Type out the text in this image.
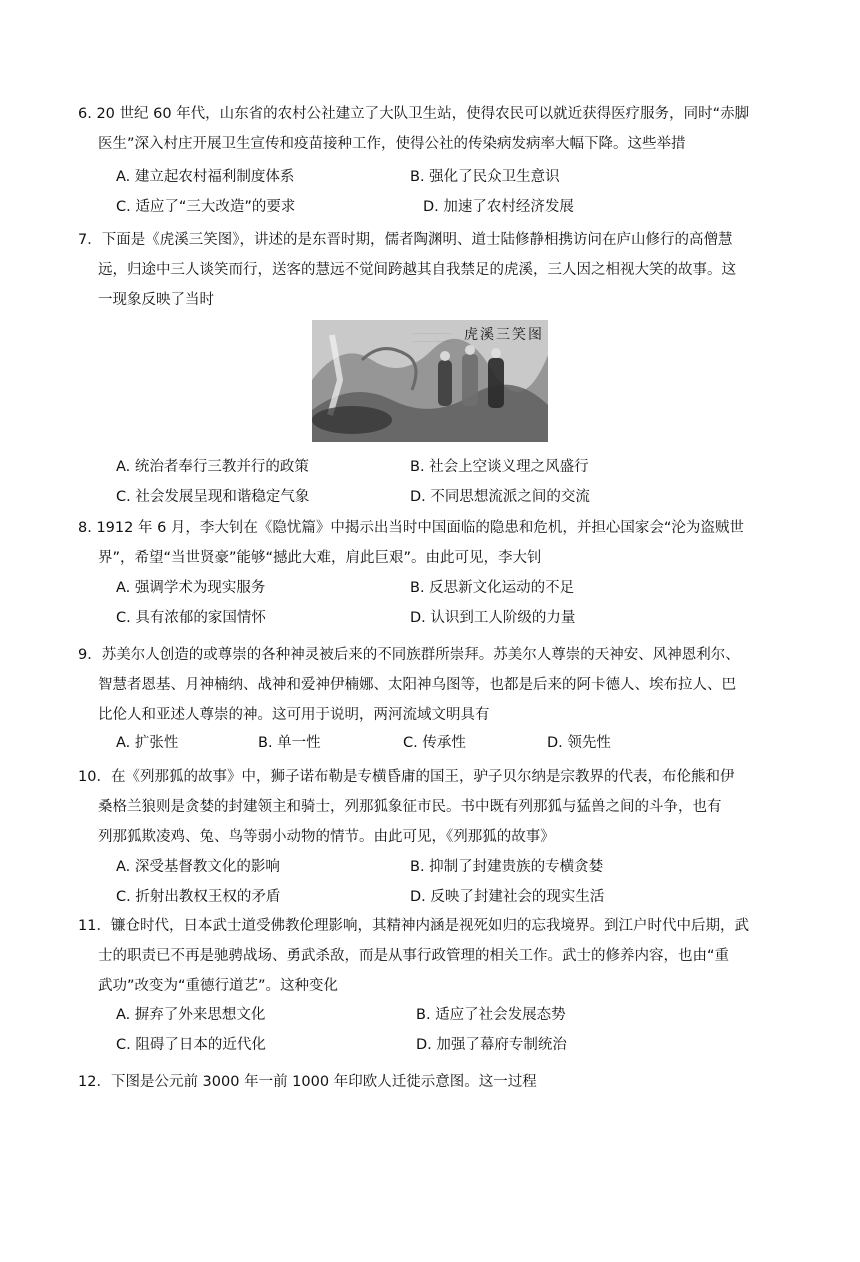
6. 20 世纪 60 年代，山东省的农村公社建立了大队卫生站，使得农民可以就近获得医疗服务，同时“赤脚
医生”深入村庄开展卫生宣传和疫苗接种工作，使得公社的传染病发病率大幅下降。这些举措
A. 建立起农村福利制度体系	B. 强化了民众卫生意识
C. 适应了“三大改造”的要求	D. 加速了农村经济发展
7．下面是《虎溪三笑图》，讲述的是东晋时期，儒者陶渊明、道士陆修静相携访问在庐山修行的高僧慧
远，归途中三人谈笑而行，送客的慧远不觉间跨越其自我禁足的虎溪，三人因之相视大笑的故事。这
一现象反映了当时
……………………
…………………… 虎溪三笑图
A. 统治者奉行三教并行的政策	B. 社会上空谈义理之风盛行
C. 社会发展呈现和谐稳定气象	D. 不同思想流派之间的交流
8. 1912 年 6 月，李大钊在《隐忧篇》中揭示出当时中国面临的隐患和危机，并担心国家会“沦为盗贼世
界”，希望“当世贤豪”能够“撼此大难，肩此巨艰”。由此可见，李大钊
A. 强调学术为现实服务	B. 反思新文化运动的不足
C. 具有浓郁的家国情怀	D. 认识到工人阶级的力量
9．苏美尔人创造的或尊崇的各种神灵被后来的不同族群所崇拜。苏美尔人尊崇的天神安、风神恩利尔、
智慧者恩基、月神楠纳、战神和爱神伊楠娜、太阳神乌图等，也都是后来的阿卡德人、埃布拉人、巴
比伦人和亚述人尊崇的神。这可用于说明，两河流域文明具有
A. 扩张性	B. 单一性	C. 传承性	D. 领先性
10．在《列那狐的故事》中，狮子诺布勒是专横昏庸的国王，驴子贝尔纳是宗教界的代表，布伦熊和伊
桑格兰狼则是贪婪的封建领主和骑士，列那狐象征市民。书中既有列那狐与猛兽之间的斗争，也有
列那狐欺凌鸡、兔、鸟等弱小动物的情节。由此可见，《列那狐的故事》
A. 深受基督教文化的影响	B. 抑制了封建贵族的专横贪婪
C. 折射出教权王权的矛盾	D. 反映了封建社会的现实生活
11．镰仓时代，日本武士道受佛教伦理影响，其精神内涵是视死如归的忘我境界。到江户时代中后期，武
士的职责已不再是驰骋战场、勇武杀敌，而是从事行政管理的相关工作。武士的修养内容，也由“重
武功”改变为“重德行道艺”。这种变化
A. 摒弃了外来思想文化	B. 适应了社会发展态势
C. 阻碍了日本的近代化	D. 加强了幕府专制统治
12．下图是公元前 3000 年一前 1000 年印欧人迁徙示意图。这一过程
